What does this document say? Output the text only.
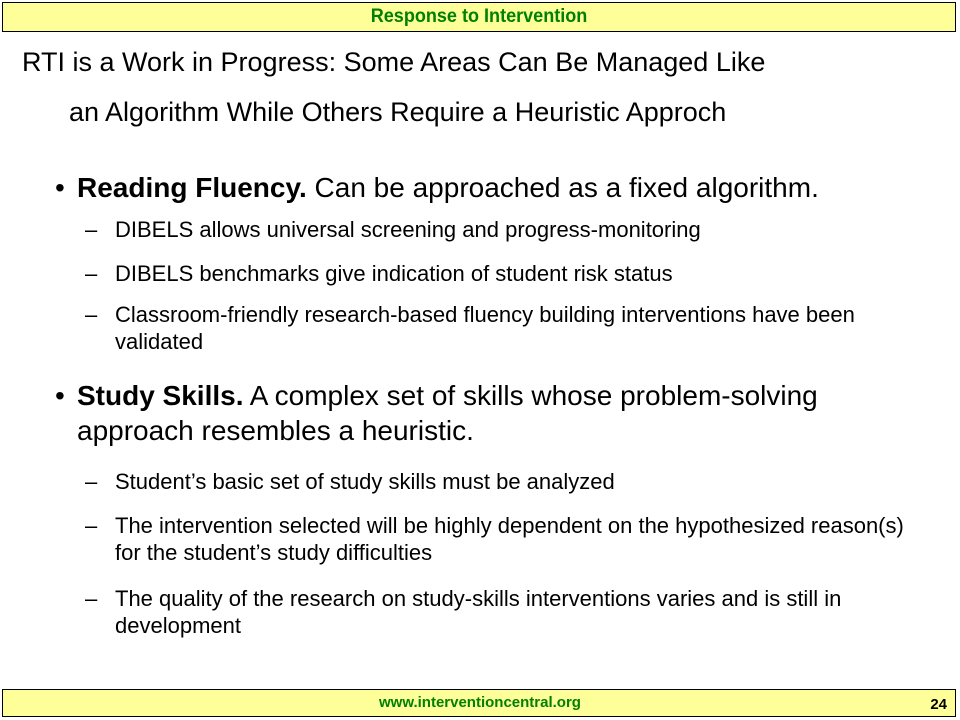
Response to Intervention
RTI is a Work in Progress: Some Areas Can Be Managed Like
an Algorithm While Others Require a Heuristic Approch
• Reading Fluency. Can be approached as a fixed algorithm.
– DIBELS allows universal screening and progress-monitoring
– DIBELS benchmarks give indication of student risk status
– Classroom-friendly research-based fluency building interventions have been validated
• Study Skills. A complex set of skills whose problem-solving approach resembles a heuristic.
– Student’s basic set of study skills must be analyzed
– The intervention selected will be highly dependent on the hypothesized reason(s) for the student’s study difficulties
– The quality of the research on study-skills interventions varies and is still in development
www.interventioncentral.org	24
